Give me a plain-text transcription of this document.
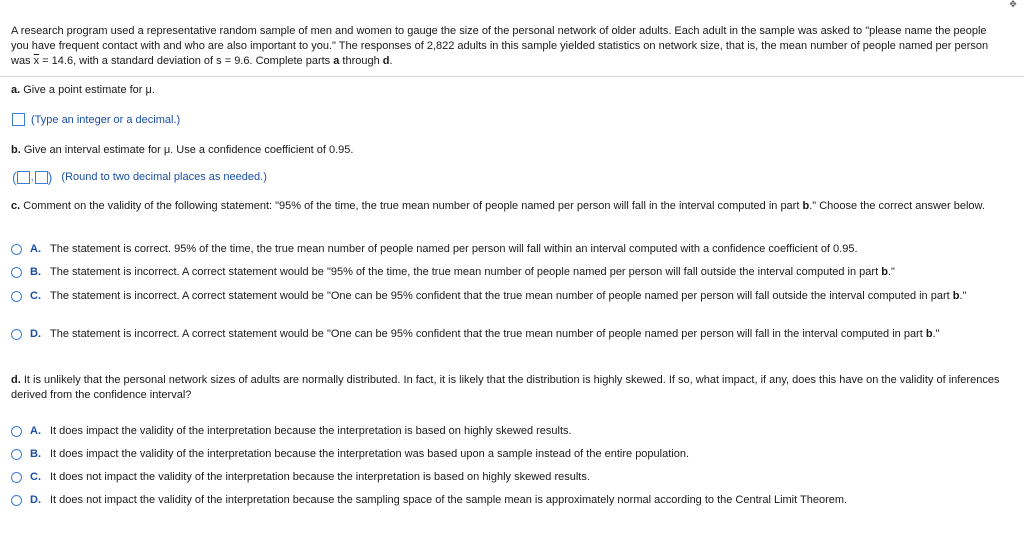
✥
A research program used a representative random sample of men and women to gauge the size of the personal network of older adults. Each adult in the sample was asked to "please name the people you have frequent contact with and who are also important to you." The responses of 2,822 adults in this sample yielded statistics on network size, that is, the mean number of people named per person was $\overline{x} = 14.6$, with a standard deviation of s = 9.6. Complete parts a through d.
a. Give a point estimate for μ.
(Type an integer or a decimal.)
b. Give an interval estimate for μ. Use a confidence coefficient of 0.95.
( , ) (Round to two decimal places as needed.)
c. Comment on the validity of the following statement: "95% of the time, the true mean number of people named per person will fall in the interval computed in part b." Choose the correct answer below.
A. The statement is correct. 95% of the time, the true mean number of people named per person will fall within an interval computed with a confidence coefficient of 0.95.
B. The statement is incorrect. A correct statement would be "95% of the time, the true mean number of people named per person will fall outside the interval computed in part b."
C. The statement is incorrect. A correct statement would be "One can be 95% confident that the true mean number of people named per person will fall outside the interval computed in part b."
D. The statement is incorrect. A correct statement would be "One can be 95% confident that the true mean number of people named per person will fall in the interval computed in part b."
d. It is unlikely that the personal network sizes of adults are normally distributed. In fact, it is likely that the distribution is highly skewed. If so, what impact, if any, does this have on the validity of inferences derived from the confidence interval?
A. It does impact the validity of the interpretation because the interpretation is based on highly skewed results.
B. It does impact the validity of the interpretation because the interpretation was based upon a sample instead of the entire population.
C. It does not impact the validity of the interpretation because the interpretation is based on highly skewed results.
D. It does not impact the validity of the interpretation because the sampling space of the sample mean is approximately normal according to the Central Limit Theorem.
